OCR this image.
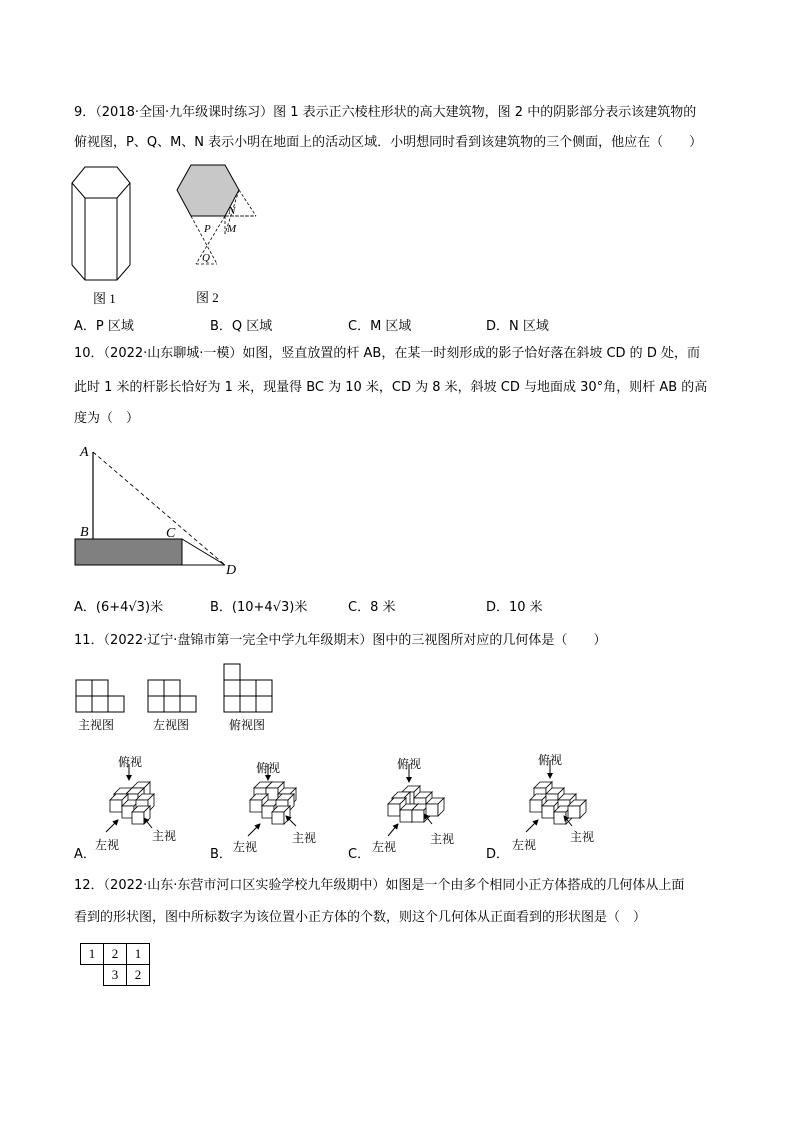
9．（2018·全国·九年级课时练习）图 1 表示正六棱柱形状的高大建筑物，图 2 中的阴影部分表示该建筑物的
俯视图，P、Q、M、N 表示小明在地面上的活动区域．小明想同时看到该建筑物的三个侧面，他应在（　　）
图 1
N
P M
Q
图 2
A．P 区域	B．Q 区域	C．M 区域	D．N 区域
10．（2022·山东聊城·一模）如图，竖直放置的杆 AB，在某一时刻形成的影子恰好落在斜坡 CD 的 D 处，而
此时 1 米的杆影长恰好为 1 米，现量得 BC 为 10 米，CD 为 8 米，斜坡 CD 与地面成 30°角，则杆 AB 的高
度为（　）
A
B	C
D
A．(6+4√3)米	B．(10+4√3)米	C．8 米	D．10 米
11．（2022·辽宁·盘锦市第一完全中学九年级期末）图中的三视图所对应的几何体是（　　）
主视图	左视图	俯视图
俯视
左视
主视
A．
俯视
左视
主视
B．
俯视
左视
主视
C．
俯视
左视
主视
D．
12．（2022·山东·东营市河口区实验学校九年级期中）如图是一个由多个相同小正方体搭成的几何体从上面
看到的形状图，图中所标数字为该位置小正方体的个数，则这个几何体从正面看到的形状图是（　）
1	2	1
	3	2
